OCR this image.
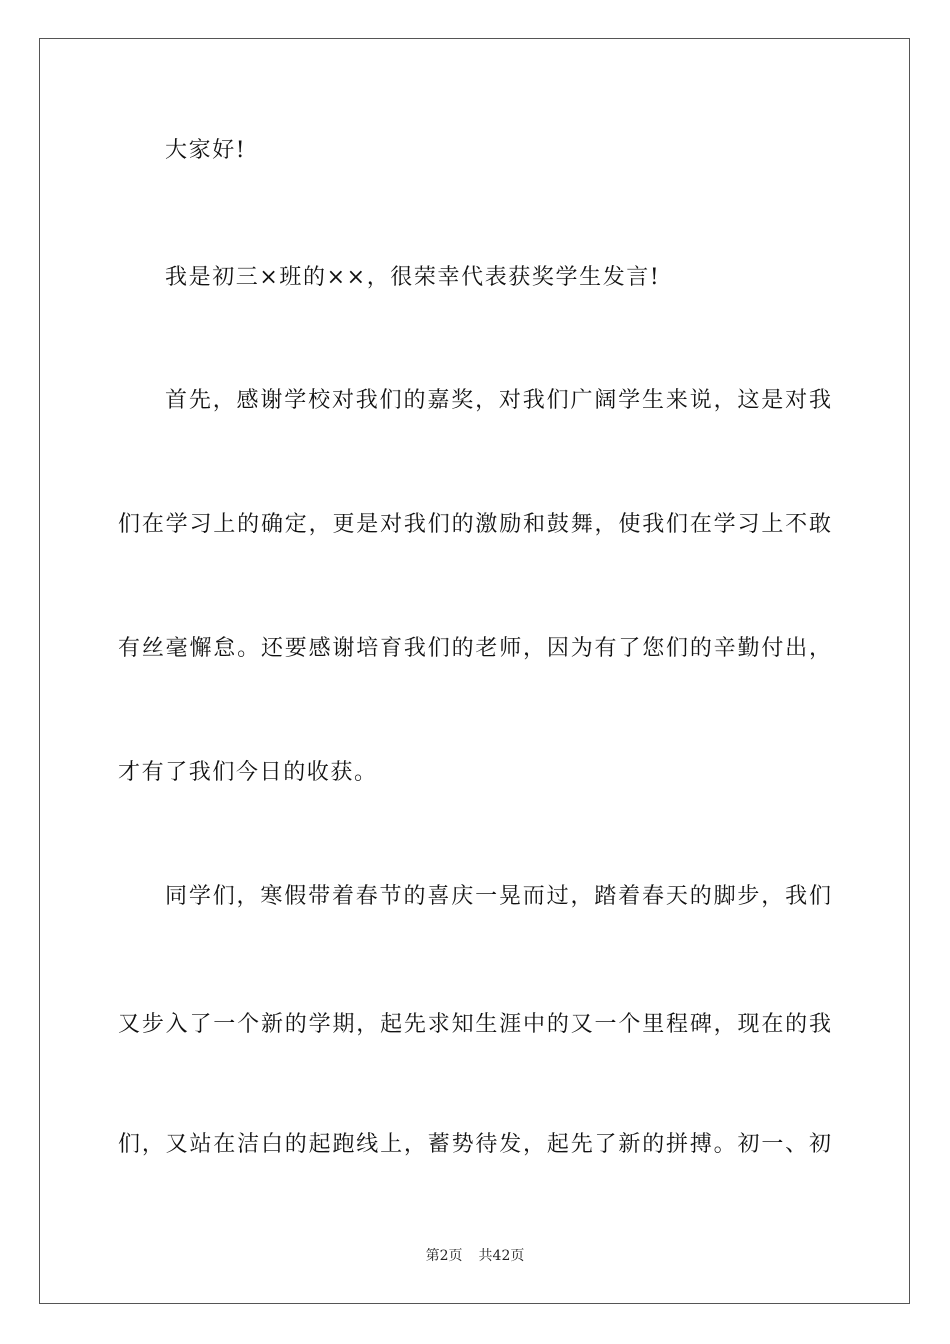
大家好!
我是初三×班的××，很荣幸代表获奖学生发言!
首先，感谢学校对我们的嘉奖，对我们广阔学生来说，这是对我
们在学习上的确定，更是对我们的激励和鼓舞，使我们在学习上不敢
有丝毫懈怠。还要感谢培育我们的老师，因为有了您们的辛勤付出，
才有了我们今日的收获。
同学们，寒假带着春节的喜庆一晃而过，踏着春天的脚步，我们
又步入了一个新的学期，起先求知生涯中的又一个里程碑，现在的我
们，又站在洁白的起跑线上，蓄势待发，起先了新的拼搏。初一、初
第2页 共42页
